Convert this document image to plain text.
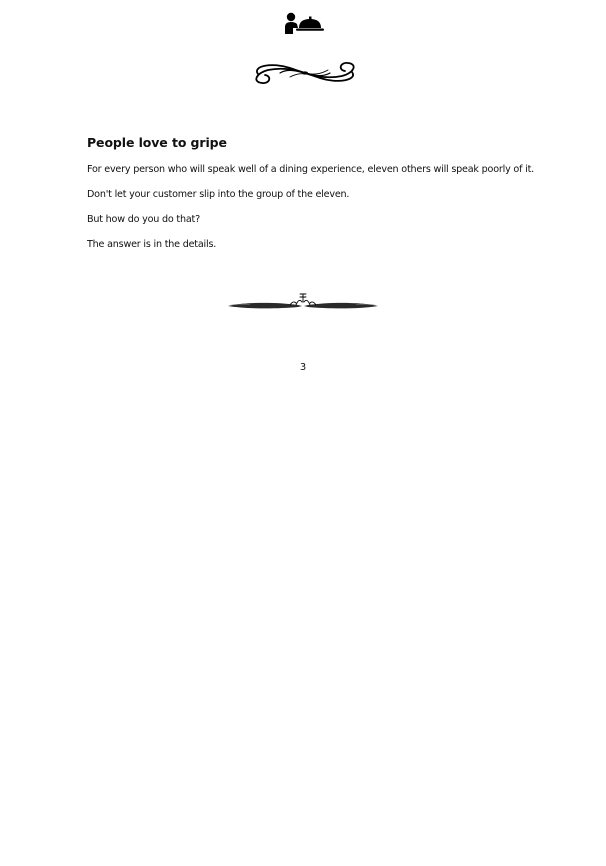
People love to gripe

For every person who will speak well of a dining experience, eleven others will speak poorly of it.

Don't let your customer slip into the group of the eleven.

But how do you do that?

The answer is in the details.

3
